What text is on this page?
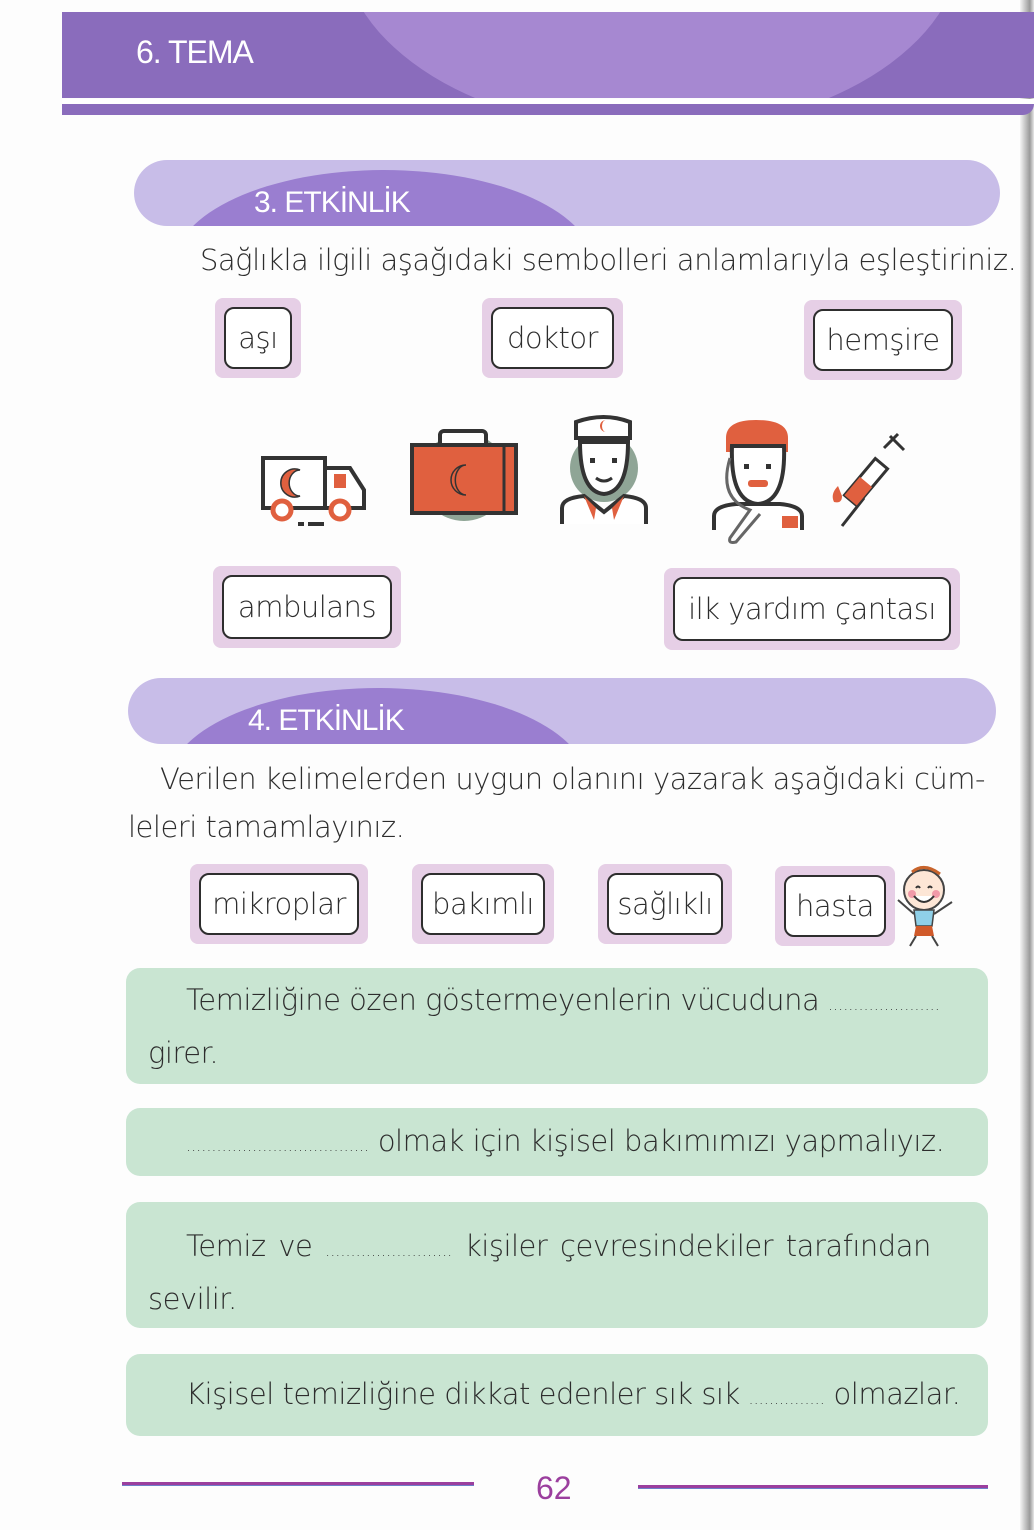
6. TEMA
3. ETKİNLİK
Sağlıkla ilgili aşağıdaki sembolleri anlamlarıyla eşleştiriniz.
aşı	doktor	hemşire
ambulans	ilk yardım çantası
4. ETKİNLİK
Verilen kelimelerden uygun olanını yazarak aşağıdaki cüm-
leleri tamamlayınız.
mikroplar	bakımlı	sağlıklı	hasta
Temizliğine özen göstermeyenlerin vücuduna ......................
girer.
.................................... olmak için kişisel bakımımızı yapmalıyız.
Temiz ve ......................... kişiler çevresindekiler tarafından
sevilir.
Kişisel temizliğine dikkat edenler sık sık ............... olmazlar.
62
